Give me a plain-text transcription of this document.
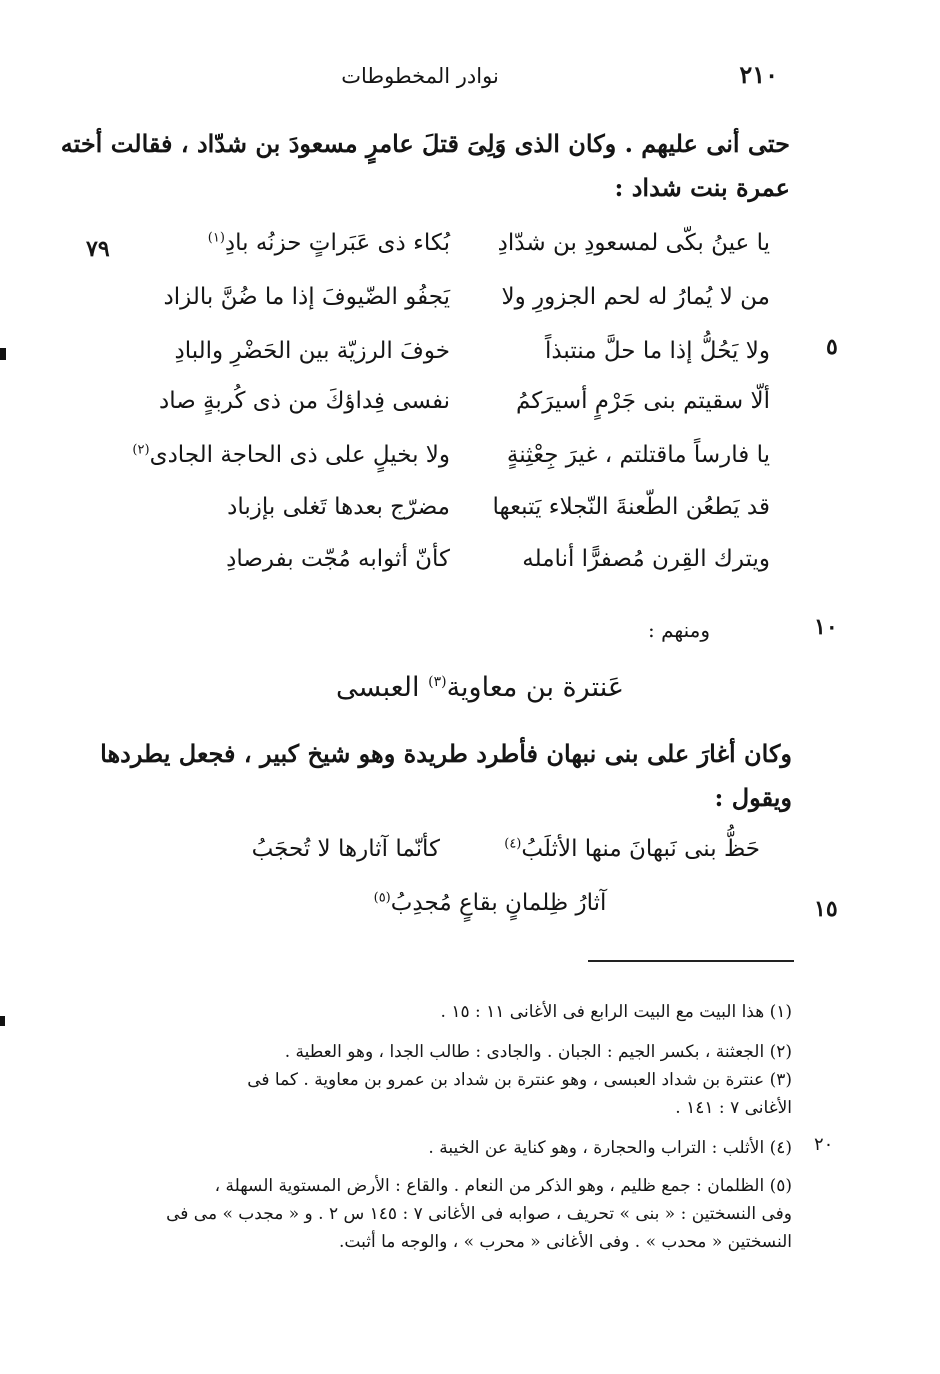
نوادر المخطوطات	٢١٠
حتى أنى عليهم . وكان الذى وَلِىَ قتلَ عامرٍ مسعودَ بن شدّاد ، فقالت أخته
عمرة بنت شداد :
٧٩
٥
١٠
١٥
٢٠
يا عينُ بكّى لمسعودِ بن شدّادِ
بُكاء ذى عَبَراتٍ حزنُه بادِ$^{(١)}$
من لا يُمارُ له لحم الجزورِ ولا
يَجفُو الضّيوفَ إذا ما ضُنَّ بالزاد
ولا يَحُلُّ إذا ما حلَّ منتبذاً
خوفَ الرزيّة بين الحَضْرِ والبادِ
ألّا سقيتم بنى جَرْمٍ أسيرَكمُ
نفسى فِداؤكَ من ذى كُربةٍ صاد
يا فارساً ماقتلتم ، غيرَ جِعْثِنةٍ
ولا بخيلٍ على ذى الحاجة الجادى$^{(٢)}$
قد يَطعُن الطّعنةَ النّجلاء يَتبعها
مضرّج بعدها تَغلى بإزباد
ويترك القِرن مُصفرًّا أنامله
كأنّ أثوابه مُجّت بفرصادِ
ومنهم :
عَنترة بن معاوية$^{(٣)}$ العبسى
وكان أغارَ على بنى نبهان فأطرد طريدة وهو شيخ كبير ، فجعل يطردها
ويقول :
حَظُّ بنى نَبهانَ منها الأثلَبُ$^{(٤)}$
كأنّما آثارها لا تُحجَبُ
آثارُ ظِلمانٍ بقاعٍ مُجدِبُ$^{(٥)}$
(١) هذا البيت مع البيت الرابع فى الأغانى ١١ : ١٥ .
(٢) الجعثنة ، بكسر الجيم : الجبان . والجادى : طالب الجدا ، وهو العطية .
(٣) عنترة بن شداد العبسى ، وهو عنترة بن شداد بن عمرو بن معاوية . كما فى
الأغانى ٧ : ١٤١ .
(٤) الأثلب : التراب والحجارة ، وهو كناية عن الخيبة .
(٥) الظلمان : جمع ظليم ، وهو الذكر من النعام . والقاع : الأرض المستوية السهلة ،
وفى النسختين : « بنى » تحريف ، صوابه فى الأغانى ٧ : ١٤٥ س ٢ . و « مجدب » مى فى
النسختين « محدب » . وفى الأغانى « محرب » ، والوجه ما أثبت.
